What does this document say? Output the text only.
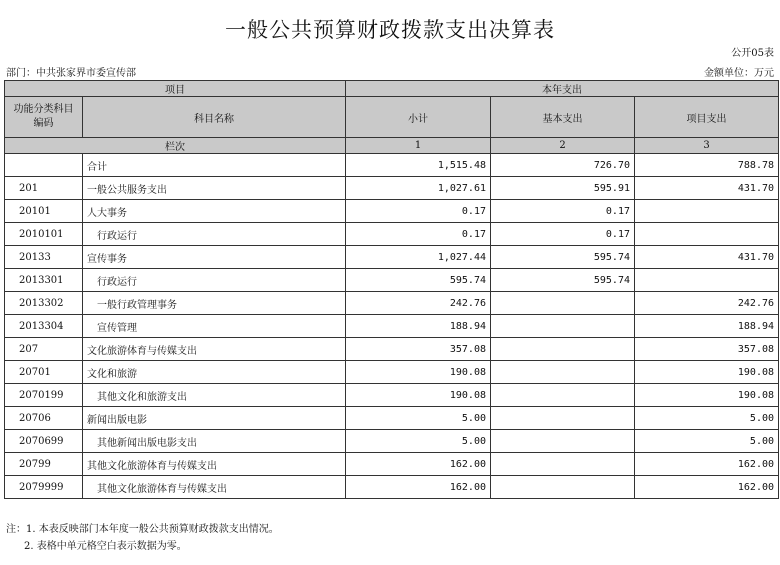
一般公共预算财政拨款支出决算表
公开05表
部门：中共张家界市委宣传部	金额单位：万元
项目		本年支出		
功能分类科目编码	科目名称	小计	基本支出	项目支出
栏次		1	2	3
	合计	1,515.48	726.70	788.78
201	一般公共服务支出	1,027.61	595.91	431.70
20101	人大事务	0.17	0.17	
2010101	行政运行	0.17	0.17	
20133	宣传事务	1,027.44	595.74	431.70
2013301	行政运行	595.74	595.74	
2013302	一般行政管理事务	242.76		242.76
2013304	宣传管理	188.94		188.94
207	文化旅游体育与传媒支出	357.08		357.08
20701	文化和旅游	190.08		190.08
2070199	其他文化和旅游支出	190.08		190.08
20706	新闻出版电影	5.00		5.00
2070699	其他新闻出版电影支出	5.00		5.00
20799	其他文化旅游体育与传媒支出	162.00		162.00
2079999	其他文化旅游体育与传媒支出	162.00		162.00
注：1. 本表反映部门本年度一般公共预算财政拨款支出情况。
2. 表格中单元格空白表示数据为零。
